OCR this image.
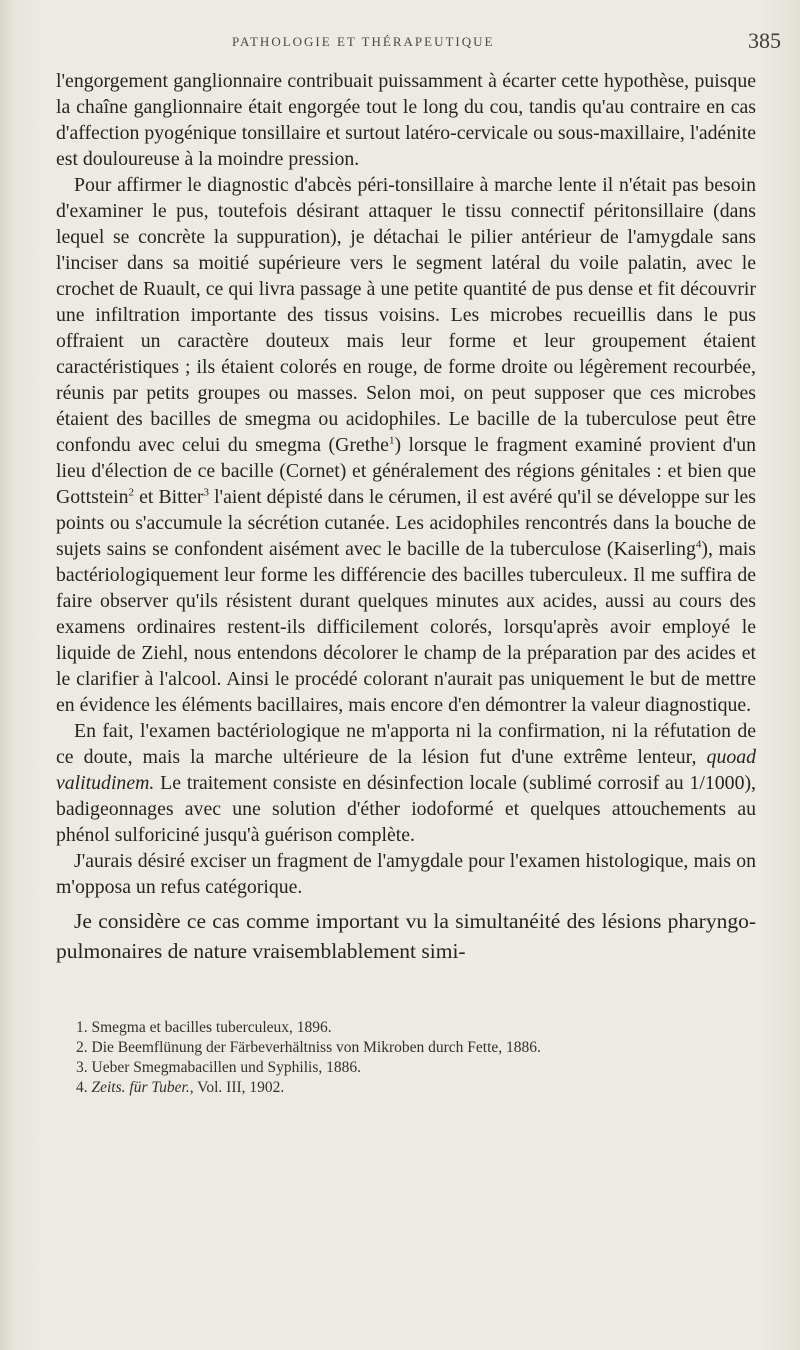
PATHOLOGIE ET THÉRAPEUTIQUE	385

l'engorgement ganglionnaire contribuait puissamment à écarter cette hypothèse, puisque la chaîne ganglionnaire était engorgée tout le long du cou, tandis qu'au contraire en cas d'affection pyogénique tonsillaire et surtout latéro-cervicale ou sous-maxillaire, l'adénite est douloureuse à la moindre pression.

Pour affirmer le diagnostic d'abcès péri-tonsillaire à marche lente il n'était pas besoin d'examiner le pus, toutefois désirant attaquer le tissu connectif péritonsillaire (dans lequel se concrète la suppuration), je détachai le pilier antérieur de l'amygdale sans l'inciser dans sa moitié supérieure vers le segment latéral du voile palatin, avec le crochet de Ruault, ce qui livra passage à une petite quantité de pus dense et fit découvrir une infiltration importante des tissus voisins. Les microbes recueillis dans le pus offraient un caractère douteux mais leur forme et leur groupement étaient caractéristiques ; ils étaient colorés en rouge, de forme droite ou légèrement recourbée, réunis par petits groupes ou masses. Selon moi, on peut supposer que ces microbes étaient des bacilles de smegma ou acidophiles. Le bacille de la tuberculose peut être confondu avec celui du smegma (Grethe$^1$) lorsque le fragment examiné provient d'un lieu d'élection de ce bacille (Cornet) et généralement des régions génitales : et bien que Gottstein$^2$ et Bitter$^3$ l'aient dépisté dans le cérumen, il est avéré qu'il se développe sur les points ou s'accumule la sécrétion cutanée. Les acidophiles rencontrés dans la bouche de sujets sains se confondent aisément avec le bacille de la tuberculose (Kaiserling$^4$), mais bactériologiquement leur forme les différencie des bacilles tuberculeux. Il me suffira de faire observer qu'ils résistent durant quelques minutes aux acides, aussi au cours des examens ordinaires restent-ils difficilement colorés, lorsqu'après avoir employé le liquide de Ziehl, nous entendons décolorer le champ de la préparation par des acides et le clarifier à l'alcool. Ainsi le procédé colorant n'aurait pas uniquement le but de mettre en évidence les éléments bacillaires, mais encore d'en démontrer la valeur diagnostique.

En fait, l'examen bactériologique ne m'apporta ni la confirmation, ni la réfutation de ce doute, mais la marche ultérieure de la lésion fut d'une extrême lenteur, quoad valitudinem. Le traitement consiste en désinfection locale (sublimé corrosif au 1/1000), badigeonnages avec une solution d'éther iodoformé et quelques attouchements au phénol sulforiciné jusqu'à guérison complète.

J'aurais désiré exciser un fragment de l'amygdale pour l'examen histologique, mais on m'opposa un refus catégorique.

Je considère ce cas comme important vu la simultanéité des lésions pharyngo-pulmonaires de nature vraisemblablement simi-

1. Smegma et bacilles tuberculeux, 1896.

2. Die Beemflünung der Färbeverhältniss von Mikroben durch Fette, 1886.

3. Ueber Smegmabacillen und Syphilis, 1886.

4. Zeits. für Tuber., Vol. III, 1902.
